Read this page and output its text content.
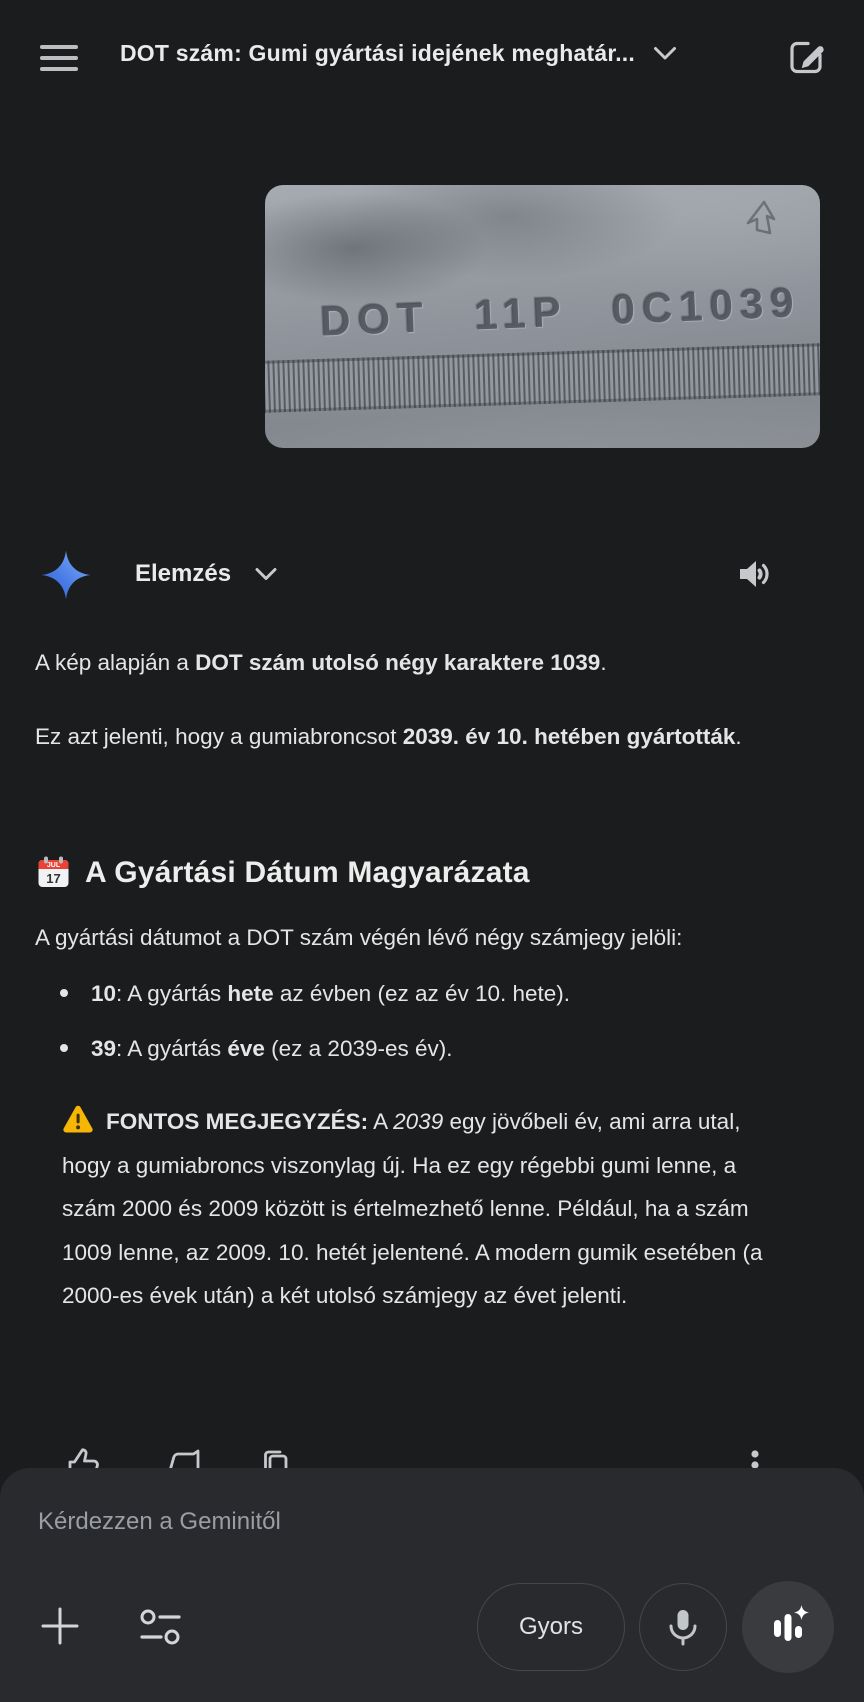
DOT szám: Gumi gyártási idejének meghatár...
DOT 11P 0C1039
Elemzés
A kép alapján a DOT szám utolsó négy karaktere 1039.
Ez azt jelenti, hogy a gumiabroncsot 2039. év 10. hetében gyártották.
JUL
17 A Gyártási Dátum Magyarázata
A gyártási dátumot a DOT szám végén lévő négy számjegy jelöli:
10: A gyártás hete az évben (ez az év 10. hete).
39: A gyártás éve (ez a 2039-es év).
FONTOS MEGJEGYZÉS: A 2039 egy jövőbeli év, ami arra utal, hogy a gumiabroncs viszonylag új. Ha ez egy régebbi gumi lenne, a szám 2000 és 2009 között is értelmezhető lenne. Például, ha a szám 1009 lenne, az 2009. 10. hetét jelentené. A modern gumik esetében (a 2000-es évek után) a két utolsó számjegy az évet jelenti.
Kérdezzen a Geminitől
Gyors
